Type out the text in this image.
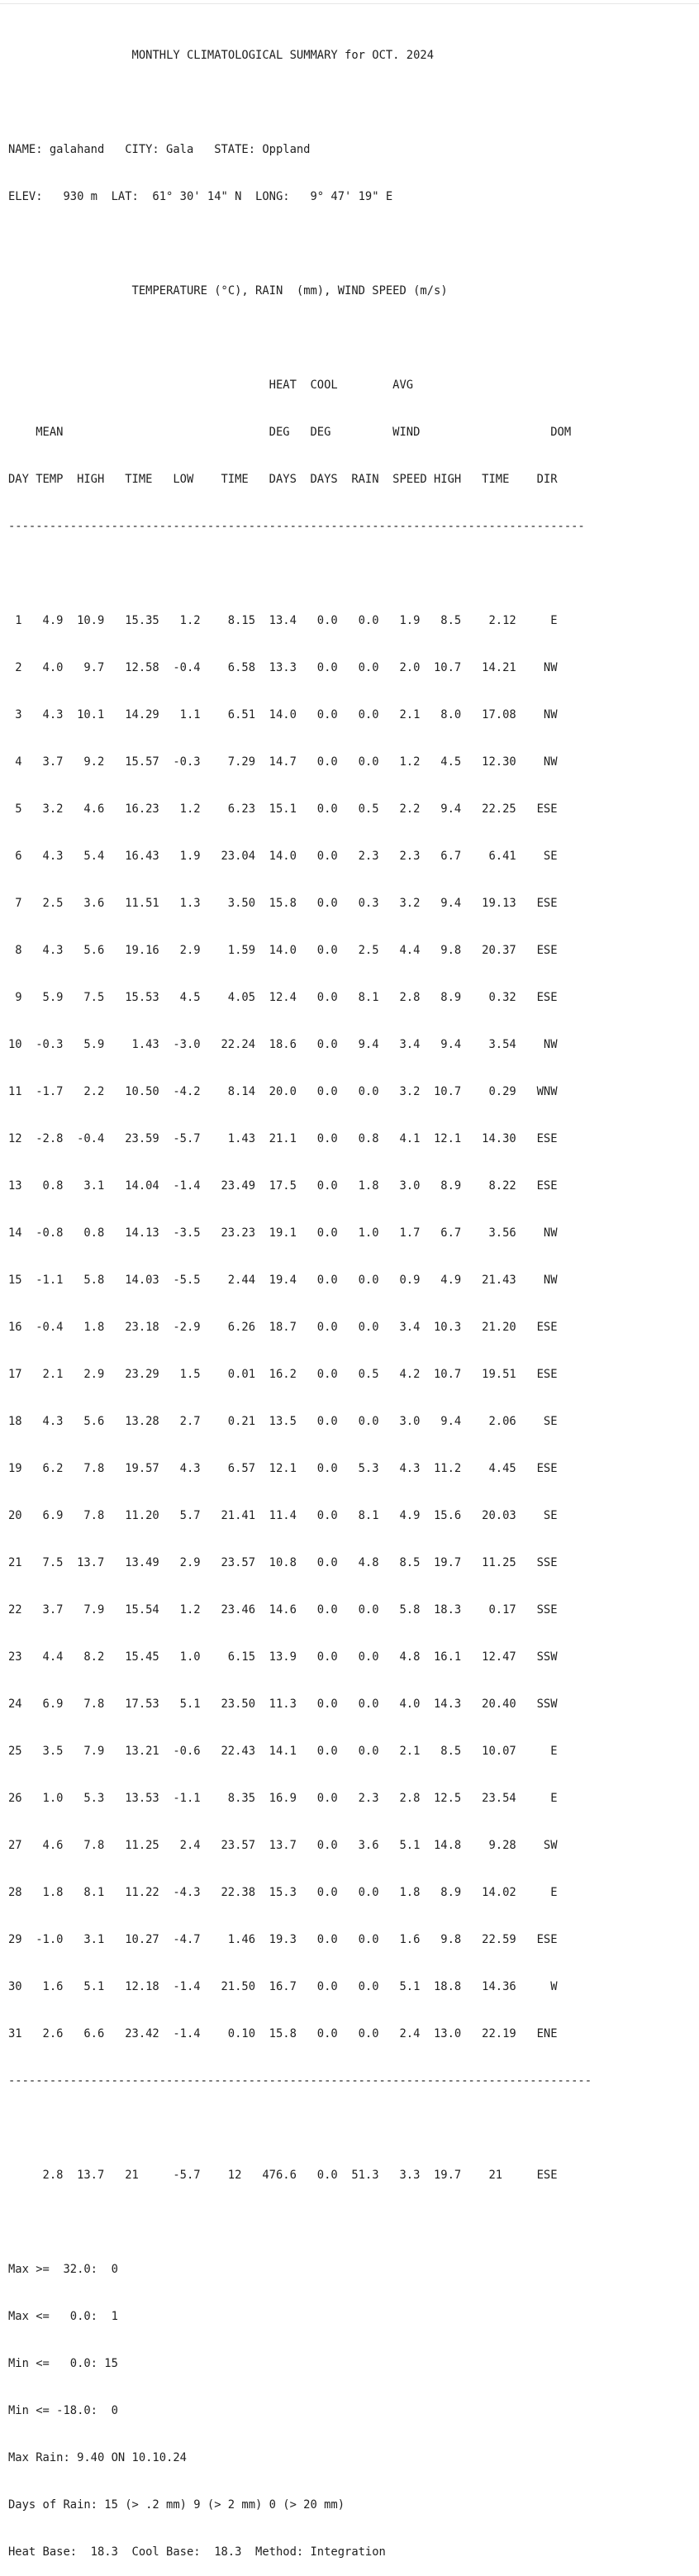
MONTHLY CLIMATOLOGICAL SUMMARY for OCT. 2024

NAME: galahand   CITY: Gala   STATE: Oppland

ELEV:   930 m  LAT:  61° 30' 14" N  LONG:   9° 47' 19" E

TEMPERATURE (°C), RAIN  (mm), WIND SPEED (m/s)

HEAT  COOL        AVG

MEAN                              DEG   DEG         WIND                   DOM

DAY TEMP  HIGH   TIME   LOW    TIME   DAYS  DAYS  RAIN  SPEED HIGH   TIME    DIR

------------------------------------------------------------------------------------

1   4.9  10.9   15.35   1.2    8.15  13.4   0.0   0.0   1.9   8.5    2.12     E

2   4.0   9.7   12.58  -0.4    6.58  13.3   0.0   0.0   2.0  10.7   14.21    NW

3   4.3  10.1   14.29   1.1    6.51  14.0   0.0   0.0   2.1   8.0   17.08    NW

4   3.7   9.2   15.57  -0.3    7.29  14.7   0.0   0.0   1.2   4.5   12.30    NW

5   3.2   4.6   16.23   1.2    6.23  15.1   0.0   0.5   2.2   9.4   22.25   ESE

6   4.3   5.4   16.43   1.9   23.04  14.0   0.0   2.3   2.3   6.7    6.41    SE

7   2.5   3.6   11.51   1.3    3.50  15.8   0.0   0.3   3.2   9.4   19.13   ESE

8   4.3   5.6   19.16   2.9    1.59  14.0   0.0   2.5   4.4   9.8   20.37   ESE

9   5.9   7.5   15.53   4.5    4.05  12.4   0.0   8.1   2.8   8.9    0.32   ESE

10  -0.3   5.9    1.43  -3.0   22.24  18.6   0.0   9.4   3.4   9.4    3.54    NW

11  -1.7   2.2   10.50  -4.2    8.14  20.0   0.0   0.0   3.2  10.7    0.29   WNW

12  -2.8  -0.4   23.59  -5.7    1.43  21.1   0.0   0.8   4.1  12.1   14.30   ESE

13   0.8   3.1   14.04  -1.4   23.49  17.5   0.0   1.8   3.0   8.9    8.22   ESE

14  -0.8   0.8   14.13  -3.5   23.23  19.1   0.0   1.0   1.7   6.7    3.56    NW

15  -1.1   5.8   14.03  -5.5    2.44  19.4   0.0   0.0   0.9   4.9   21.43    NW

16  -0.4   1.8   23.18  -2.9    6.26  18.7   0.0   0.0   3.4  10.3   21.20   ESE

17   2.1   2.9   23.29   1.5    0.01  16.2   0.0   0.5   4.2  10.7   19.51   ESE

18   4.3   5.6   13.28   2.7    0.21  13.5   0.0   0.0   3.0   9.4    2.06    SE

19   6.2   7.8   19.57   4.3    6.57  12.1   0.0   5.3   4.3  11.2    4.45   ESE

20   6.9   7.8   11.20   5.7   21.41  11.4   0.0   8.1   4.9  15.6   20.03    SE

21   7.5  13.7   13.49   2.9   23.57  10.8   0.0   4.8   8.5  19.7   11.25   SSE

22   3.7   7.9   15.54   1.2   23.46  14.6   0.0   0.0   5.8  18.3    0.17   SSE

23   4.4   8.2   15.45   1.0    6.15  13.9   0.0   0.0   4.8  16.1   12.47   SSW

24   6.9   7.8   17.53   5.1   23.50  11.3   0.0   0.0   4.0  14.3   20.40   SSW

25   3.5   7.9   13.21  -0.6   22.43  14.1   0.0   0.0   2.1   8.5   10.07     E

26   1.0   5.3   13.53  -1.1    8.35  16.9   0.0   2.3   2.8  12.5   23.54     E

27   4.6   7.8   11.25   2.4   23.57  13.7   0.0   3.6   5.1  14.8    9.28    SW

28   1.8   8.1   11.22  -4.3   22.38  15.3   0.0   0.0   1.8   8.9   14.02     E

29  -1.0   3.1   10.27  -4.7    1.46  19.3   0.0   0.0   1.6   9.8   22.59   ESE

30   1.6   5.1   12.18  -1.4   21.50  16.7   0.0   0.0   5.1  18.8   14.36     W

31   2.6   6.6   23.42  -1.4    0.10  15.8   0.0   0.0   2.4  13.0   22.19   ENE

-------------------------------------------------------------------------------------

2.8  13.7   21     -5.7    12   476.6   0.0  51.3   3.3  19.7    21     ESE

Max >=  32.0:  0

Max <=   0.0:  1

Min <=   0.0: 15

Min <= -18.0:  0

Max Rain: 9.40 ON 10.10.24

Days of Rain: 15 (> .2 mm) 9 (> 2 mm) 0 (> 20 mm)

Heat Base:  18.3  Cool Base:  18.3  Method: Integration
